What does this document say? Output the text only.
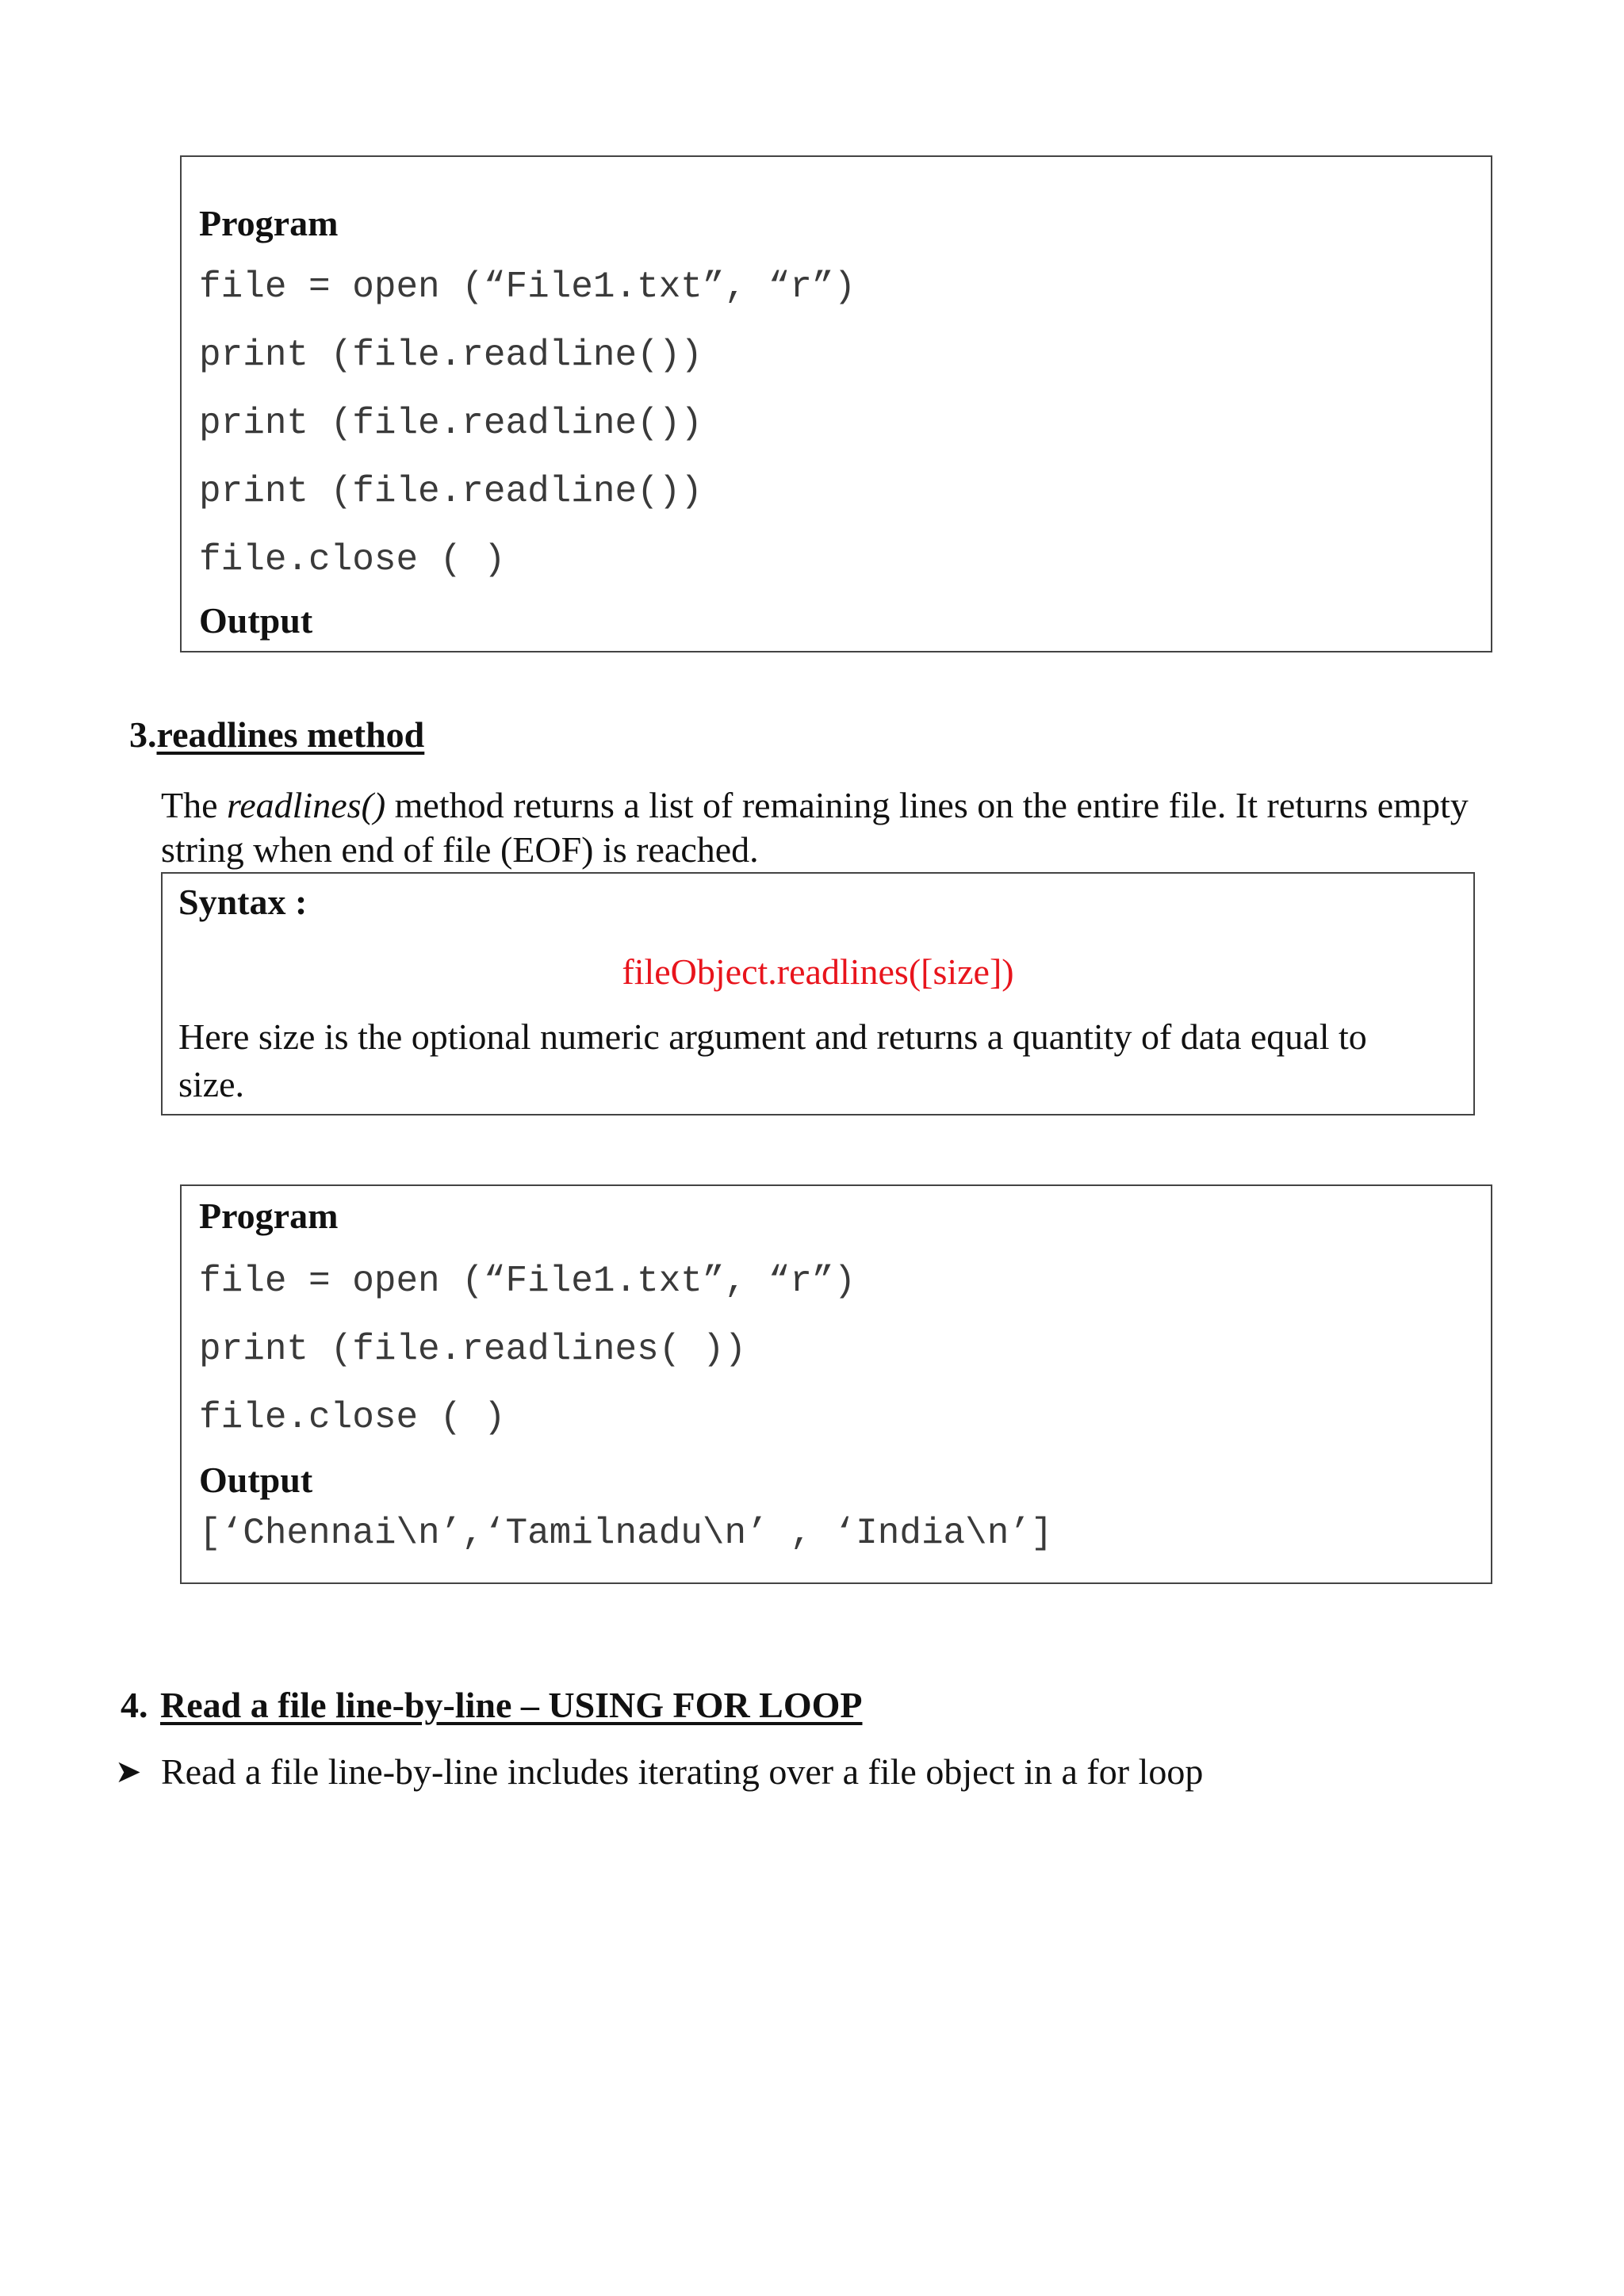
Program
file = open (“File1.txt”, “r”)
print (file.readline())
print (file.readline())
print (file.readline())
file.close ( )
Output
3.readlines method
The readlines() method returns a list of remaining lines on the entire file. It returns empty string when end of file (EOF) is reached.
Syntax :
fileObject.readlines([size])
Here size is the optional numeric argument and returns a quantity of data equal to size.
Program
file = open (“File1.txt”, “r”)
print (file.readlines( ))
file.close ( )
Output
[‘Chennai\n’,‘Tamilnadu\n’ , ‘India\n’]
4. Read a file line-by-line – USING FOR LOOP
➤ Read a file line-by-line includes iterating over a file object in a for loop
